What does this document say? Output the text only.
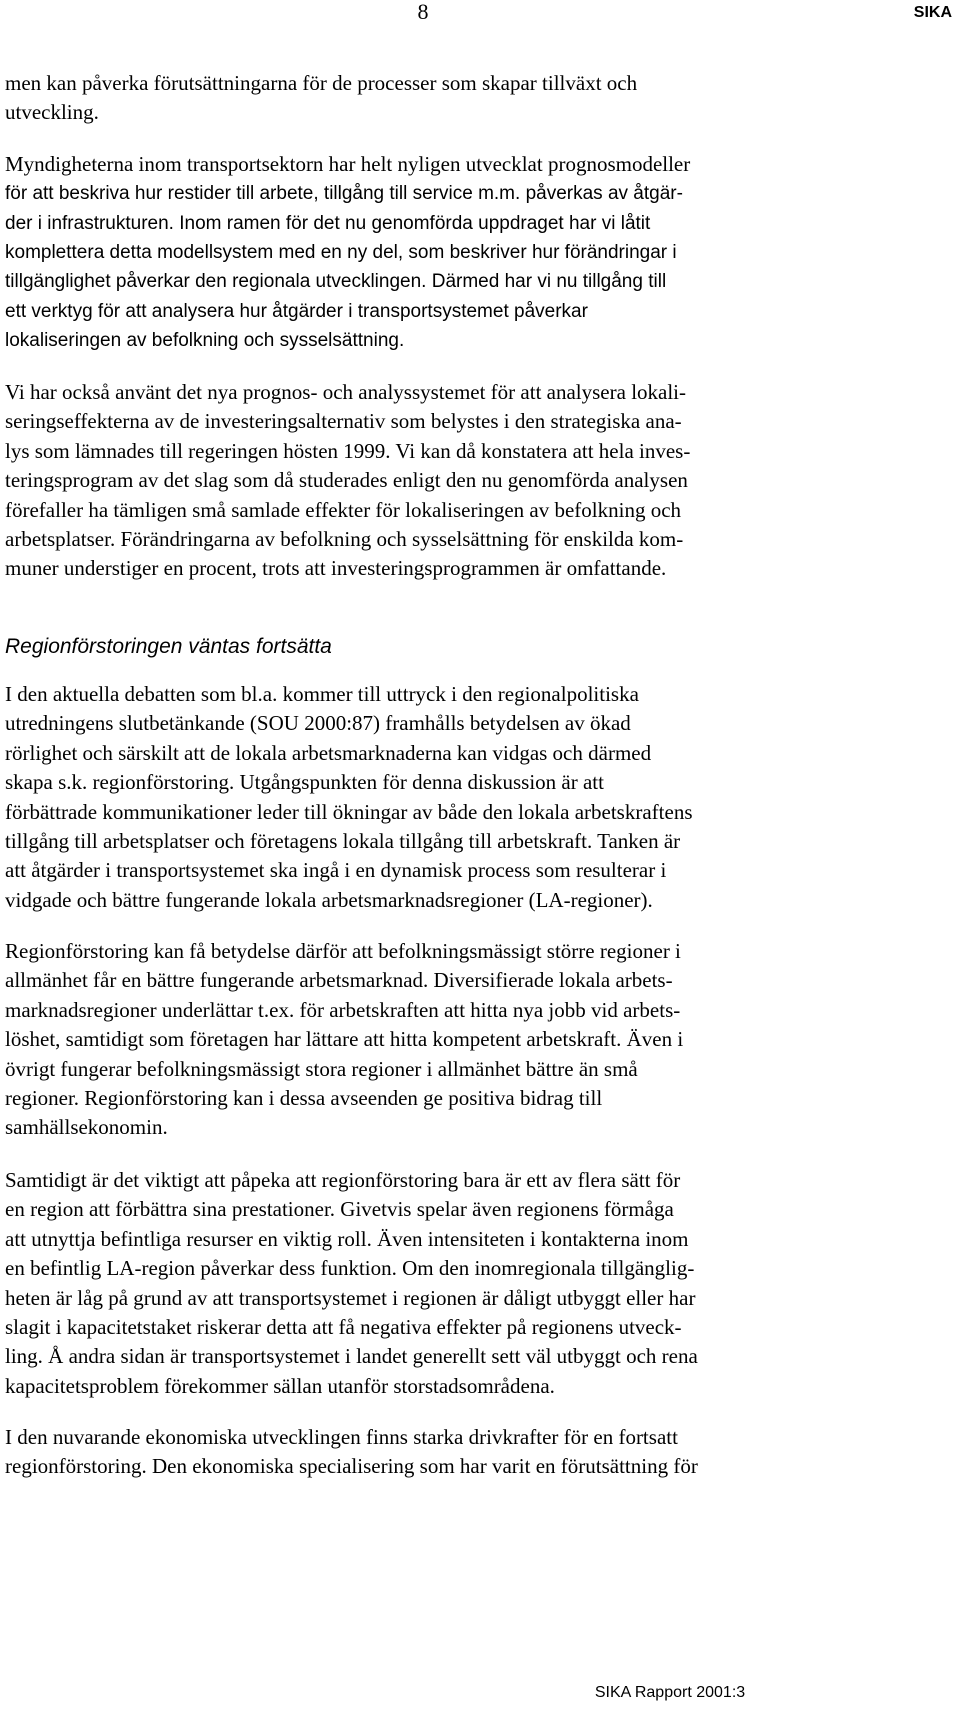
8	SIKA

men kan påverka förutsättningarna för de processer som skapar tillväxt och
utveckling.

Myndigheterna inom transportsektorn har helt nyligen utvecklat prognosmodeller
för att beskriva hur restider till arbete, tillgång till service m.m. påverkas av åtgär-
der i infrastrukturen. Inom ramen för det nu genomförda uppdraget har vi låtit
komplettera detta modellsystem med en ny del, som beskriver hur förändringar i
tillgänglighet påverkar den regionala utvecklingen. Därmed har vi nu tillgång till
ett verktyg för att analysera hur åtgärder i transportsystemet påverkar
lokaliseringen av befolkning och sysselsättning.

Vi har också använt det nya prognos- och analyssystemet för att analysera lokali-
seringseffekterna av de investeringsalternativ som belystes i den strategiska ana-
lys som lämnades till regeringen hösten 1999. Vi kan då konstatera att hela inves-
teringsprogram av det slag som då studerades enligt den nu genomförda analysen
förefaller ha tämligen små samlade effekter för lokaliseringen av befolkning och
arbetsplatser. Förändringarna av befolkning och sysselsättning för enskilda kom-
muner understiger en procent, trots att investeringsprogrammen är omfattande.

Regionförstoringen väntas fortsätta

I den aktuella debatten som bl.a. kommer till uttryck i den regionalpolitiska
utredningens slutbetänkande (SOU 2000:87) framhålls betydelsen av ökad
rörlighet och särskilt att de lokala arbetsmarknaderna kan vidgas och därmed
skapa s.k. regionförstoring. Utgångspunkten för denna diskussion är att
förbättrade kommunikationer leder till ökningar av både den lokala arbetskraftens
tillgång till arbetsplatser och företagens lokala tillgång till arbetskraft. Tanken är
att åtgärder i transportsystemet ska ingå i en dynamisk process som resulterar i
vidgade och bättre fungerande lokala arbetsmarknadsregioner (LA-regioner).

Regionförstoring kan få betydelse därför att befolkningsmässigt större regioner i
allmänhet får en bättre fungerande arbetsmarknad. Diversifierade lokala arbets-
marknadsregioner underlättar t.ex. för arbetskraften att hitta nya jobb vid arbets-
löshet, samtidigt som företagen har lättare att hitta kompetent arbetskraft. Även i
övrigt fungerar befolkningsmässigt stora regioner i allmänhet bättre än små
regioner. Regionförstoring kan i dessa avseenden ge positiva bidrag till
samhällsekonomin.

Samtidigt är det viktigt att påpeka att regionförstoring bara är ett av flera sätt för
en region att förbättra sina prestationer. Givetvis spelar även regionens förmåga
att utnyttja befintliga resurser en viktig roll. Även intensiteten i kontakterna inom
en befintlig LA-region påverkar dess funktion. Om den inomregionala tillgänglig-
heten är låg på grund av att transportsystemet i regionen är dåligt utbyggt eller har
slagit i kapacitetstaket riskerar detta att få negativa effekter på regionens utveck-
ling. Å andra sidan är transportsystemet i landet generellt sett väl utbyggt och rena
kapacitetsproblem förekommer sällan utanför storstadsområdena.

I den nuvarande ekonomiska utvecklingen finns starka drivkrafter för en fortsatt
regionförstoring. Den ekonomiska specialisering som har varit en förutsättning för

SIKA Rapport 2001:3
